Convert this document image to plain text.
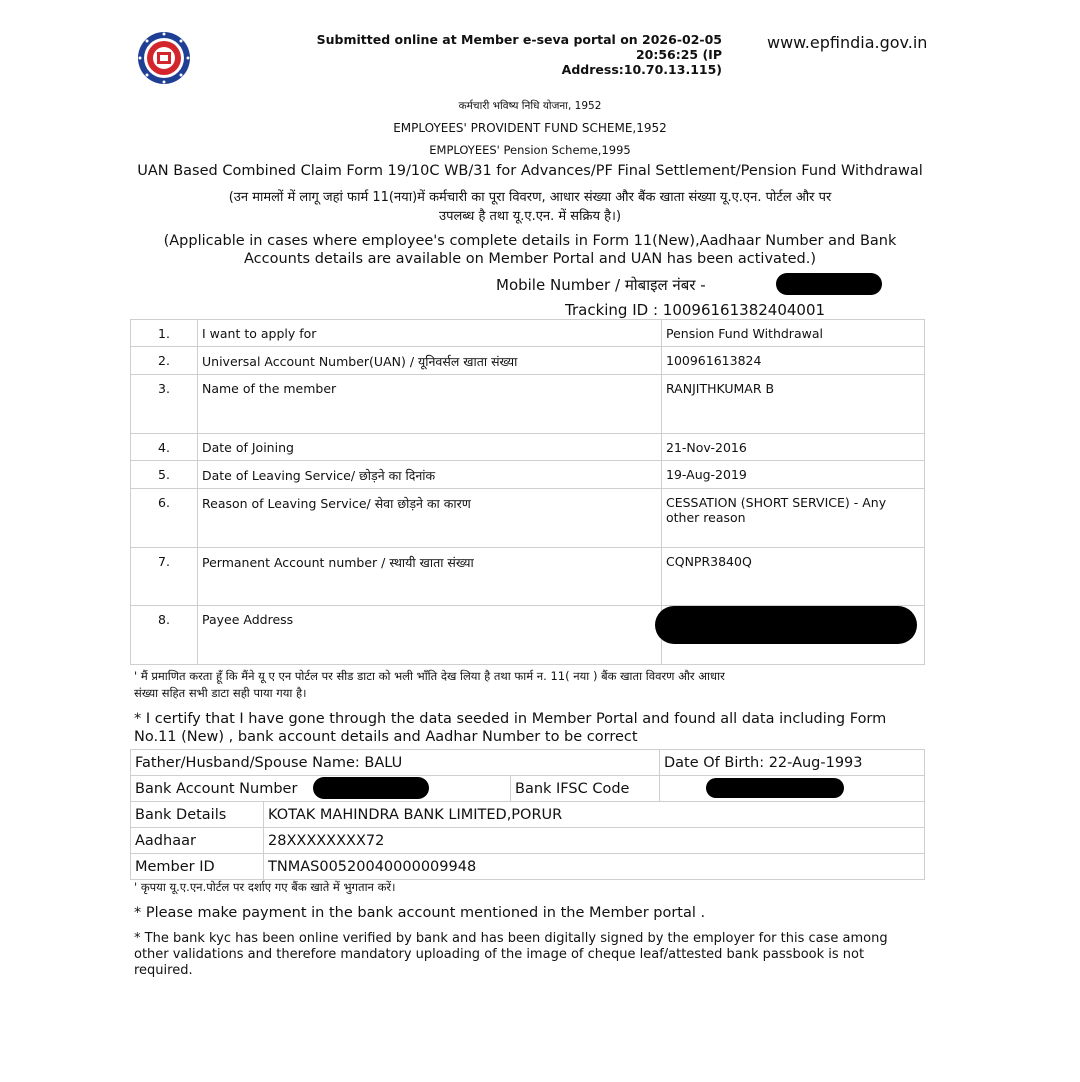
Submitted online at Member e-seva portal on 2026-02-05 20:56:25 (IP
Address:10.70.13.115)
www.epfindia.gov.in
कर्मचारी भविष्य निधि योजना, 1952
EMPLOYEES' PROVIDENT FUND SCHEME,1952
EMPLOYEES' Pension Scheme,1995
UAN Based Combined Claim Form 19/10C WB/31 for Advances/PF Final Settlement/Pension Fund Withdrawal
(उन मामलों में लागू जहां फार्म 11(नया)में कर्मचारी का पूरा विवरण, आधार संख्या और बैंक खाता संख्या यू.ए.एन. पोर्टल और पर
उपलब्ध है तथा यू.ए.एन. में सक्रिय है।)
(Applicable in cases where employee's complete details in Form 11(New),Aadhaar Number and Bank
Accounts details are available on Member Portal and UAN has been activated.)
Mobile Number / मोबाइल नंबर -
Tracking ID : 10096161382404001
1.	I want to apply for	Pension Fund Withdrawal
2.	Universal Account Number(UAN) / यूनिवर्सल खाता संख्या	100961613824
3.	Name of the member	RANJITHKUMAR B
4.	Date of Joining	21-Nov-2016
5.	Date of Leaving Service/ छोड़ने का दिनांक	19-Aug-2019
6.	Reason of Leaving Service/ सेवा छोड़ने का कारण	CESSATION (SHORT SERVICE) - Any other reason
7.	Permanent Account number / स्थायी खाता संख्या	CQNPR3840Q
8.	Payee Address	
' मैं प्रमाणित करता हूँ कि मैंने यू ए एन पोर्टल पर सीड डाटा को भली भाँति देख लिया है तथा फार्म न. 11( नया ) बैंक खाता विवरण और आधार
संख्या सहित सभी डाटा सही पाया गया है।
* I certify that I have gone through the data seeded in Member Portal and found all data including Form
No.11 (New) , bank account details and Aadhar Number to be correct
Father/Husband/Spouse Name: BALU			Date Of Birth: 22-Aug-1993
Bank Account Number		Bank IFSC Code	
Bank Details	KOTAK MAHINDRA BANK LIMITED,PORUR		
Aadhaar	28XXXXXXXX72		
Member ID	TNMAS00520040000009948		
' कृपया यू.ए.एन.पोर्टल पर दर्शाए गए बैंक खाते में भुगतान करें।
* Please make payment in the bank account mentioned in the Member portal .
* The bank kyc has been online verified by bank and has been digitally signed by the employer for this case among
other validations and therefore mandatory uploading of the image of cheque leaf/attested bank passbook is not
required.
